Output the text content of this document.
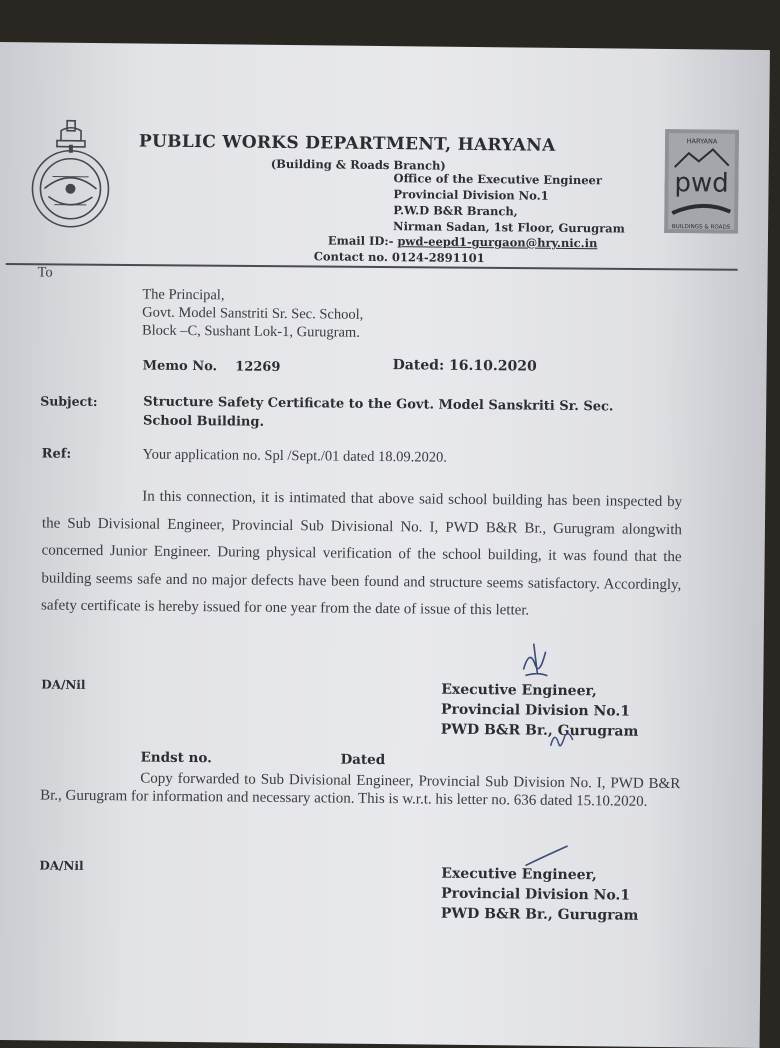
PUBLIC WORKS DEPARTMENT, HARYANA
(Building & Roads Branch)
Office of the Executive Engineer
Provincial Division No.1
P.W.D B&R Branch,
Nirman Sadan, 1st Floor, Gurugram
Email ID:- pwd-eepd1-gurgaon@hry.nic.in
Contact no. 0124-2891101
HARYANA
pwd
BUILDINGS & ROADS
To
The Principal,
Govt. Model Sanstriti Sr. Sec. School,
Block –C, Sushant Lok-1, Gurugram.
Memo No. 12269	Dated: 16.10.2020
Subject:	Structure Safety Certificate to the Govt. Model Sanskriti Sr. Sec.
School Building.
Ref:	Your application no. Spl /Sept./01 dated 18.09.2020.
In this connection, it is intimated that above said school building has been inspected by the Sub Divisional Engineer, Provincial Sub Divisional No. I, PWD B&R Br., Gurugram alongwith concerned Junior Engineer. During physical verification of the school building, it was found that the building seems safe and no major defects have been found and structure seems satisfactory. Accordingly, safety certificate is hereby issued for one year from the date of issue of this letter.
DA/Nil	Executive Engineer,
Provincial Division No.1
PWD B&R Br., Gurugram
Endst no.	Dated
Copy forwarded to Sub Divisional Engineer, Provincial Sub Division No. I, PWD B&R Br., Gurugram for information and necessary action. This is w.r.t. his letter no. 636 dated 15.10.2020.
DA/Nil	Executive Engineer,
Provincial Division No.1
PWD B&R Br., Gurugram
